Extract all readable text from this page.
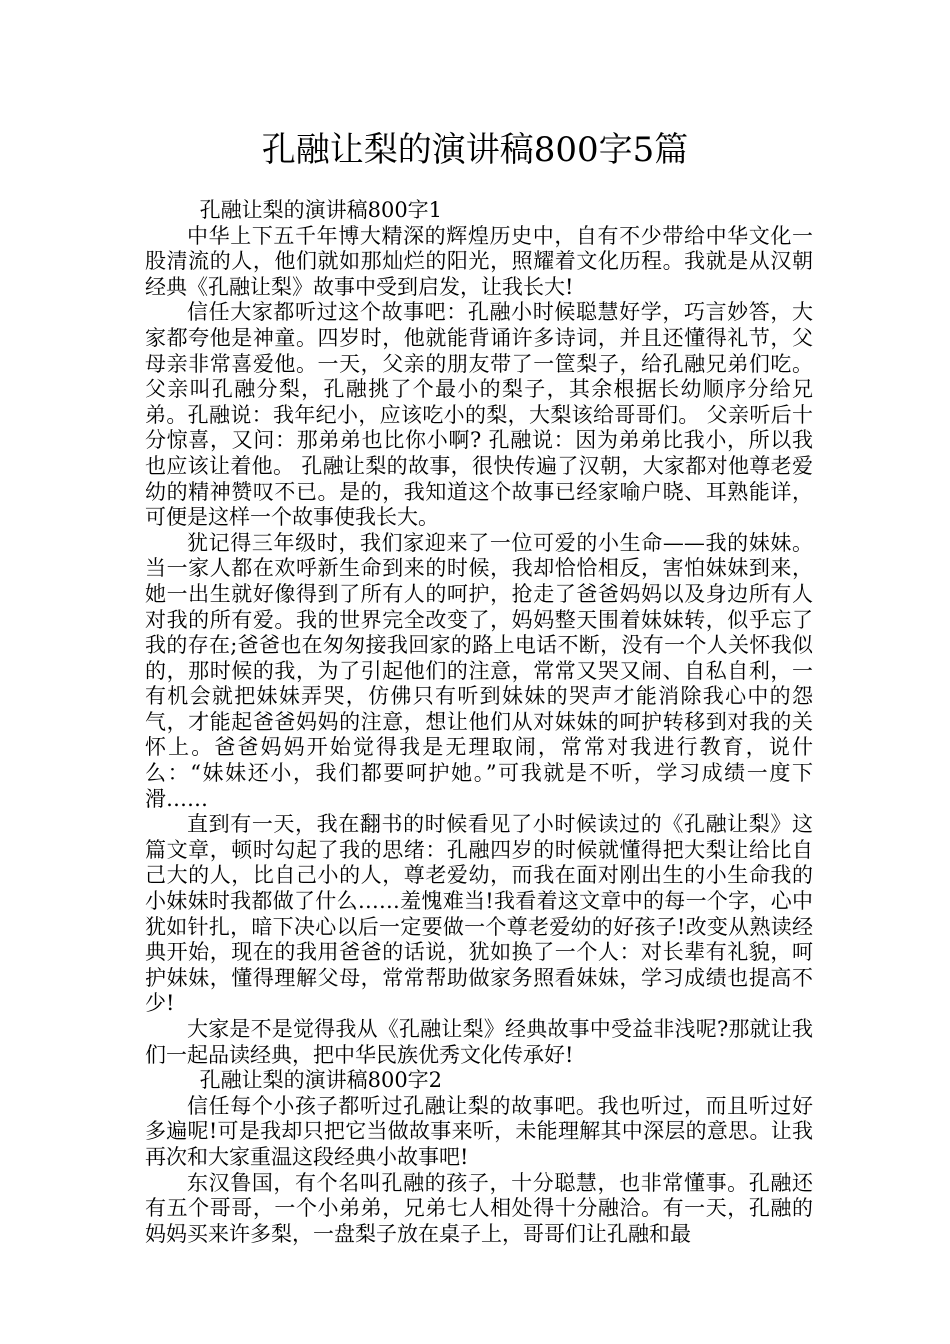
孔融让梨的演讲稿800字5篇

孔融让梨的演讲稿800字1

中华上下五千年博大精深的辉煌历史中，自有不少带给中华文化一股清流的人，他们就如那灿烂的阳光，照耀着文化历程。我就是从汉朝经典《孔融让梨》故事中受到启发，让我长大!

信任大家都听过这个故事吧：孔融小时候聪慧好学，巧言妙答，大家都夸他是神童。四岁时，他就能背诵许多诗词，并且还懂得礼节，父母亲非常喜爱他。一天，父亲的朋友带了一筐梨子，给孔融兄弟们吃。父亲叫孔融分梨，孔融挑了个最小的梨子，其余根据长幼顺序分给兄弟。孔融说：我年纪小，应该吃小的梨，大梨该给哥哥们。 父亲听后十分惊喜，又问：那弟弟也比你小啊? 孔融说：因为弟弟比我小，所以我也应该让着他。 孔融让梨的故事，很快传遍了汉朝，大家都对他尊老爱幼的精神赞叹不已。是的，我知道这个故事已经家喻户晓、耳熟能详，可便是这样一个故事使我长大。

犹记得三年级时，我们家迎来了一位可爱的小生命——我的妹妹。当一家人都在欢呼新生命到来的时候，我却恰恰相反，害怕妹妹到来，她一出生就好像得到了所有人的呵护，抢走了爸爸妈妈以及身边所有人对我的所有爱。我的世界完全改变了，妈妈整天围着妹妹转，似乎忘了我的存在;爸爸也在匆匆接我回家的路上电话不断，没有一个人关怀我似的，那时候的我，为了引起他们的注意，常常又哭又闹、自私自利，一有机会就把妹妹弄哭，仿佛只有听到妹妹的哭声才能消除我心中的怨气，才能起爸爸妈妈的注意，想让他们从对妹妹的呵护转移到对我的关怀上。爸爸妈妈开始觉得我是无理取闹，常常对我进行教育，说什么：“妹妹还小，我们都要呵护她。”可我就是不听，学习成绩一度下滑……

直到有一天，我在翻书的时候看见了小时候读过的《孔融让梨》这篇文章，顿时勾起了我的思绪：孔融四岁的时候就懂得把大梨让给比自己大的人，比自己小的人，尊老爱幼，而我在面对刚出生的小生命我的小妹妹时我都做了什么……羞愧难当!我看着这文章中的每一个字，心中犹如针扎，暗下决心以后一定要做一个尊老爱幼的好孩子!改变从熟读经典开始，现在的我用爸爸的话说，犹如换了一个人：对长辈有礼貌，呵护妹妹，懂得理解父母，常常帮助做家务照看妹妹，学习成绩也提高不少!

大家是不是觉得我从《孔融让梨》经典故事中受益非浅呢?那就让我们一起品读经典，把中华民族优秀文化传承好!

孔融让梨的演讲稿800字2

信任每个小孩子都听过孔融让梨的故事吧。我也听过，而且听过好多遍呢!可是我却只把它当做故事来听，未能理解其中深层的意思。让我再次和大家重温这段经典小故事吧!

东汉鲁国，有个名叫孔融的孩子，十分聪慧，也非常懂事。孔融还有五个哥哥，一个小弟弟，兄弟七人相处得十分融洽。有一天，孔融的妈妈买来许多梨，一盘梨子放在桌子上，哥哥们让孔融和最
